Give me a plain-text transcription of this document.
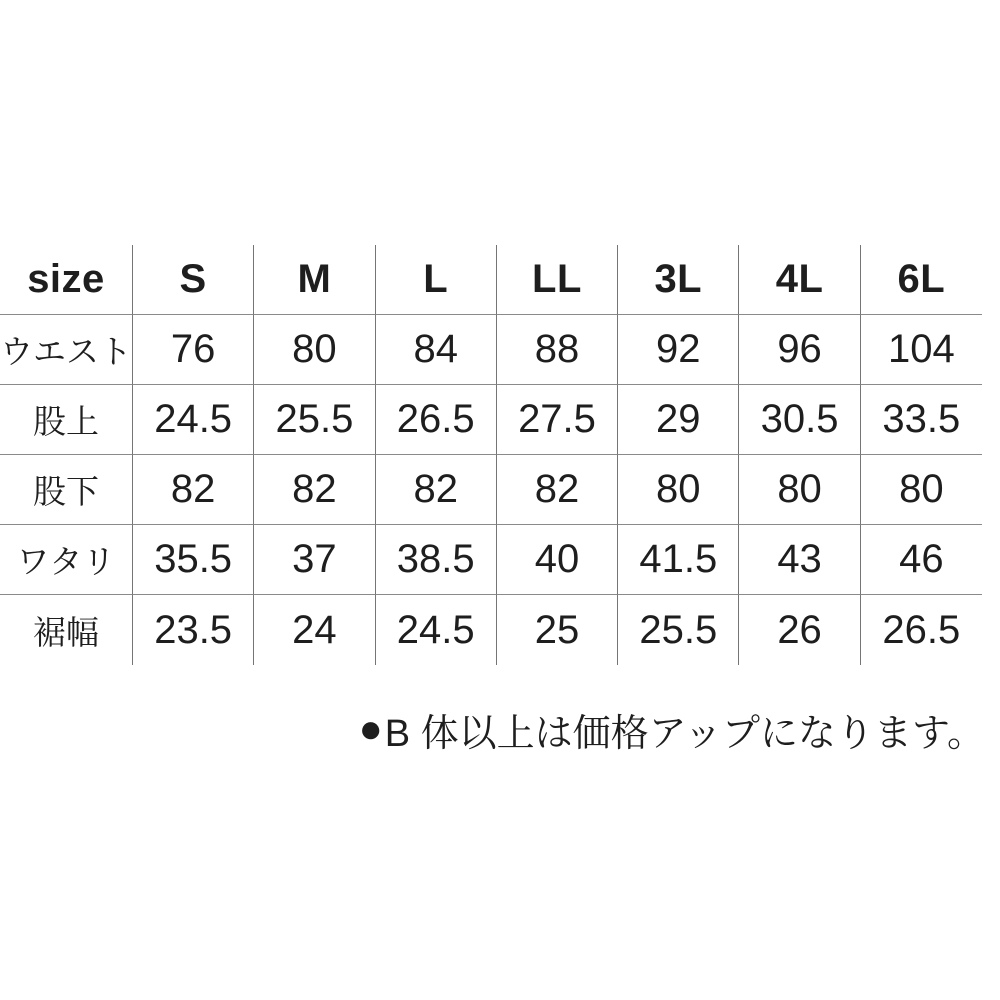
size	S	M	L	LL	3L	4L	6L
ウエスト 76	80	84	88	92	96	104
股上	24.5	25.5	26.5	27.5	29	30.5	33.5
股下	82	82	82	82	80	80	80
ワタリ 35.5	37	38.5	40	41.5	43	46
裾幅	23.5	24	24.5	25	25.5	26	26.5
● B 体以上は価格アップになります。
